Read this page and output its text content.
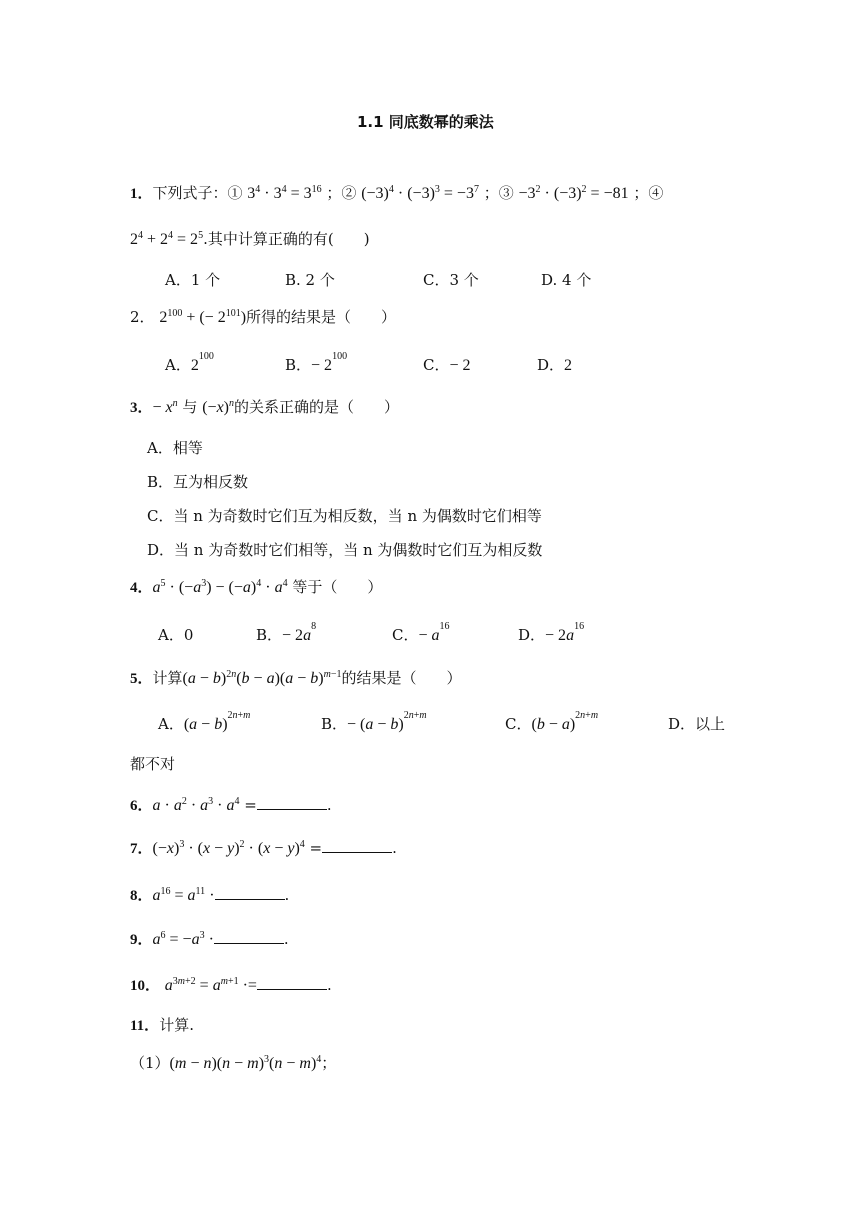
1.1 同底数幂的乘法
1．下列式子：① $3^4 \cdot 3^4 = 3^{16}$ ；② $(-3)^4 \cdot (-3)^3 = -3^7$ ；③ $-3^2 \cdot (-3)^2 = -81$ ；④
$2^4 + 2^4 = 2^5$.其中计算正确的有(　　)
A．1 个	B. 2 个	C．3 个	D. 4 个
2． $2^{100}$ + (− $2^{101}$)所得的结果是（　　）
A．$2^{100}$	B．− $2^{100}$	C．− 2	D．2
3．− $x^n$ 与 $(-x)^n$的关系正确的是（　　）
A．相等
B．互为相反数
C．当 n 为奇数时它们互为相反数，当 n 为偶数时它们相等
D．当 n 为奇数时它们相等，当 n 为偶数时它们互为相反数
4．$a^5 \cdot (-a^3) - (-a)^4 \cdot a^4$ 等于（　　）
A．0	B．− $2a^8$	C．− $a^{16}$	D．− $2a^{16}$
5．计算$(a - b)^{2n}(b - a)(a - b)^{m-1}$的结果是（　　）
A．$(a - b)^{2n+m}$	B．− $(a - b)^{2n+m}$	C．$(b - a)^{2n+m}$	D．以上
都不对
6．$a \cdot a^2 \cdot a^3 \cdot a^4$ =	.
7．$(-x)^3 \cdot (x - y)^2 \cdot (x - y)^4$ =	.
8．$a^{16} = a^{11}$ ·	.
9．$a^6 = -a^3$ ·	.
10． $a^{3m+2} = a^{m+1}$ ·=	.
11．计算.
$(1)(m - n)(n - m)^3(n - m)^4$；
